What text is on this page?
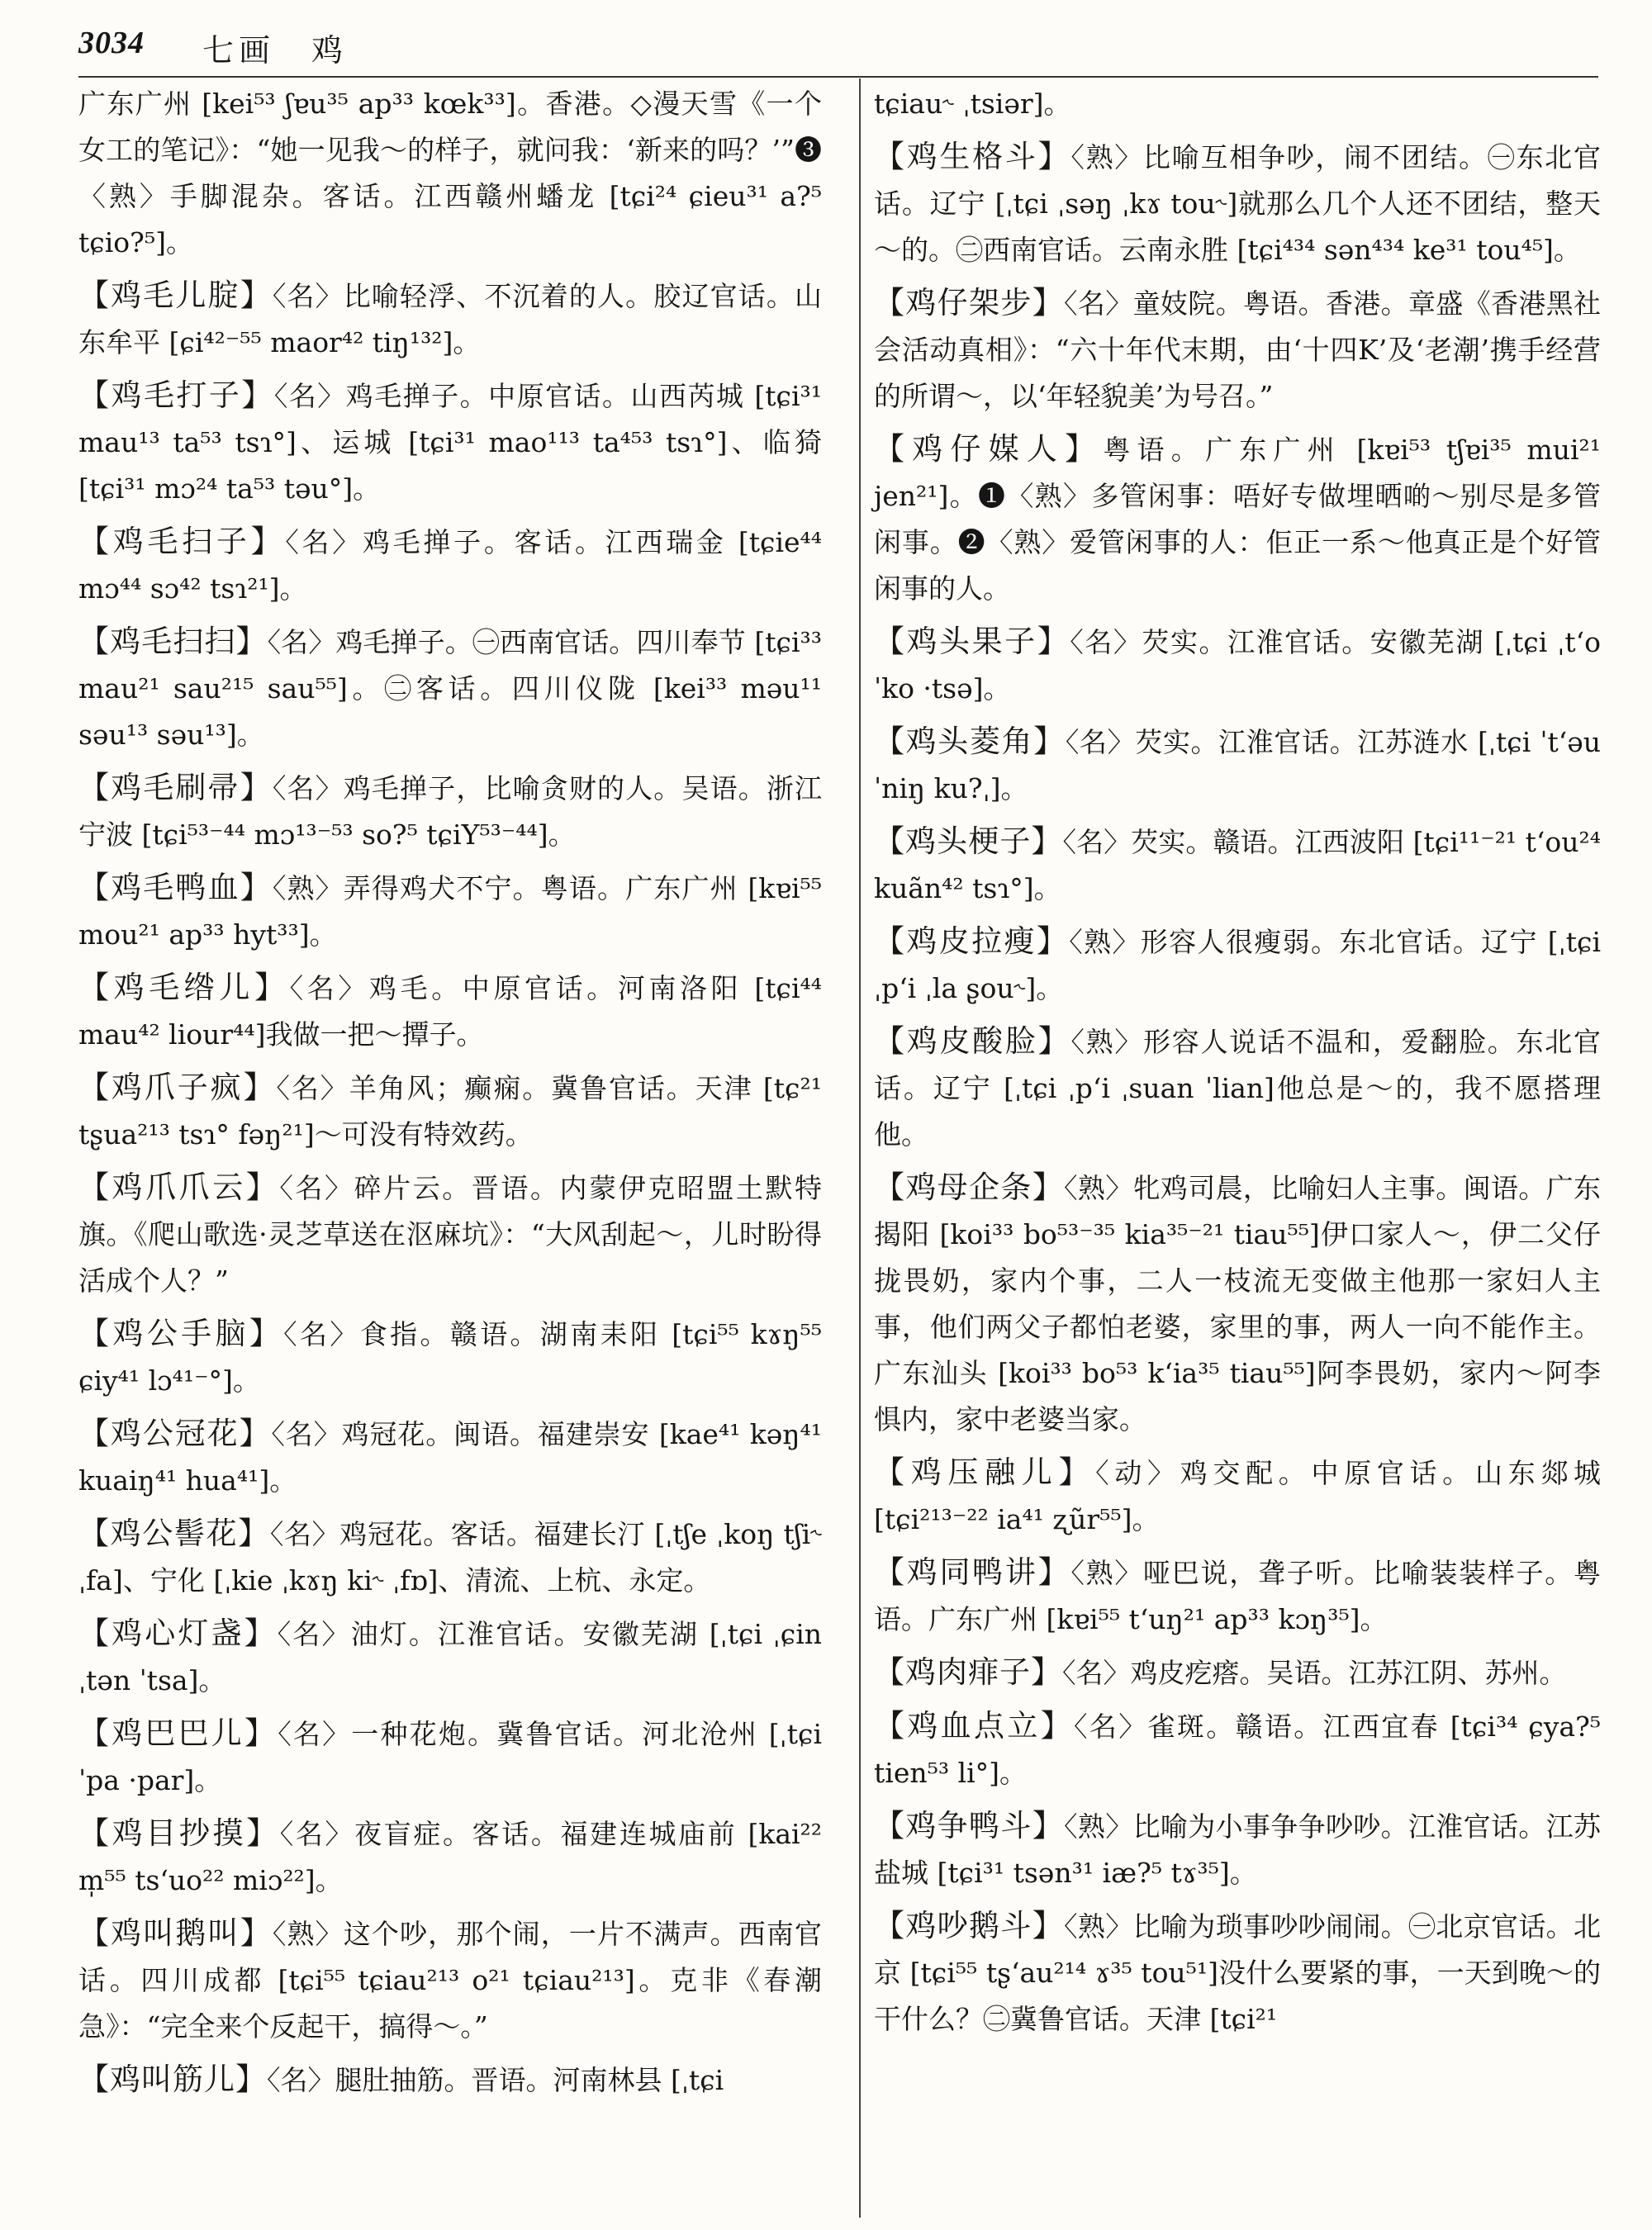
3034 七画　鸡
广东广州 [kei⁵³ ʃɐu³⁵ ap³³ kœk³³]。香港。◇漫天雪《一个女工的笔记》：“她一见我～的样子，就问我：‘新来的吗？’”❸〈熟〉手脚混杂。客话。江西赣州蟠龙 [tɕi²⁴ ɕieu³¹ a?⁵ tɕio?⁵]。
【鸡毛儿腚】〈名〉比喻轻浮、不沉着的人。胶辽官话。山东牟平 [ɕi⁴²⁻⁵⁵ maor⁴² tiŋ¹³²]。
【鸡毛打子】〈名〉鸡毛掸子。中原官话。山西芮城 [tɕi³¹ mau¹³ ta⁵³ tsɿ°]、运城 [tɕi³¹ mao¹¹³ ta⁴⁵³ tsɿ°]、临猗 [tɕi³¹ mɔ²⁴ ta⁵³ təu°]。
【鸡毛扫子】〈名〉鸡毛掸子。客话。江西瑞金 [tɕie⁴⁴ mɔ⁴⁴ sɔ⁴² tsɿ²¹]。
【鸡毛扫扫】〈名〉鸡毛掸子。㊀西南官话。四川奉节 [tɕi³³ mau²¹ sau²¹⁵ sau⁵⁵]。㊁客话。四川仪陇 [kei³³ məu¹¹ səu¹³ səu¹³]。
【鸡毛刷帚】〈名〉鸡毛掸子，比喻贪财的人。吴语。浙江宁波 [tɕi⁵³⁻⁴⁴ mɔ¹³⁻⁵³ so?⁵ tɕiY⁵³⁻⁴⁴]。
【鸡毛鸭血】〈熟〉弄得鸡犬不宁。粤语。广东广州 [kɐi⁵⁵ mou²¹ ap³³ hyt³³]。
【鸡毛绺儿】〈名〉鸡毛。中原官话。河南洛阳 [tɕi⁴⁴ mau⁴² liour⁴⁴]我做一把～撢子。
【鸡爪子疯】〈名〉羊角风；癫痫。冀鲁官话。天津 [tɕ²¹ tʂua²¹³ tsɿ° fəŋ²¹]～可没有特效药。
【鸡爪爪云】〈名〉碎片云。晋语。内蒙伊克昭盟土默特旗。《爬山歌选·灵芝草送在沤麻坑》：“大风刮起～，儿时盼得活成个人？”
【鸡公手脑】〈名〉食指。赣语。湖南耒阳 [tɕi⁵⁵ kɤŋ⁵⁵ ɕiy⁴¹ lɔ⁴¹⁻°]。
【鸡公冠花】〈名〉鸡冠花。闽语。福建崇安 [kae⁴¹ kəŋ⁴¹ kuaiŋ⁴¹ hua⁴¹]。
【鸡公髻花】〈名〉鸡冠花。客话。福建长汀 [ˌtʃe ˌkoŋ tʃi˞ ˌfa]、宁化 [ˌkie ˌkɤŋ ki˞ ˌfɒ]、清流、上杭、永定。
【鸡心灯盏】〈名〉油灯。江淮官话。安徽芜湖 [ˌtɕi ˌɕin ˌtən ˈtsa]。
【鸡巴巴儿】〈名〉一种花炮。冀鲁官话。河北沧州 [ˌtɕi ˈpa ·par]。
【鸡目抄摸】〈名〉夜盲症。客话。福建连城庙前 [kai²² m̩⁵⁵ tsʻuo²² miɔ²²]。
【鸡叫鹅叫】〈熟〉这个吵，那个闹，一片不满声。西南官话。四川成都 [tɕi⁵⁵ tɕiau²¹³ o²¹ tɕiau²¹³]。克非《春潮急》：“完全来个反起干，搞得～。”
【鸡叫筋儿】〈名〉腿肚抽筋。晋语。河南林县 [ˌtɕi
tɕiau˞ ˌtsiər]。
【鸡生格斗】〈熟〉比喻互相争吵，闹不团结。㊀东北官话。辽宁 [ˌtɕi ˌsəŋ ˌkɤ tou˞]就那么几个人还不团结，整天～的。㊁西南官话。云南永胜 [tɕi⁴³⁴ sən⁴³⁴ ke³¹ tou⁴⁵]。
【鸡仔架步】〈名〉童妓院。粤语。香港。章盛《香港黑社会活动真相》：“六十年代末期，由‘十四K’及‘老潮’携手经营的所谓～，以‘年轻貌美’为号召。”
【鸡仔媒人】粤语。广东广州 [kɐi⁵³ tʃɐi³⁵ mui²¹ jen²¹]。❶〈熟〉多管闲事：唔好专做埋晒啲～别尽是多管闲事。❷〈熟〉爱管闲事的人：佢正一系～他真正是个好管闲事的人。
【鸡头果子】〈名〉芡实。江淮官话。安徽芜湖 [ˌtɕi ˌtʻo ˈko ·tsə]。
【鸡头菱角】〈名〉芡实。江淮官话。江苏涟水 [ˌtɕi ˈtʻəu ˈniŋ ku?ˌ]。
【鸡头梗子】〈名〉芡实。赣语。江西波阳 [tɕi¹¹⁻²¹ tʻou²⁴ kuãn⁴² tsɿ°]。
【鸡皮拉瘦】〈熟〉形容人很瘦弱。东北官话。辽宁 [ˌtɕi ˌpʻi ˌla ʂou˞]。
【鸡皮酸脸】〈熟〉形容人说话不温和，爱翻脸。东北官话。辽宁 [ˌtɕi ˌpʻi ˌsuan ˈlian]他总是～的，我不愿搭理他。
【鸡母企条】〈熟〉牝鸡司晨，比喻妇人主事。闽语。广东揭阳 [koi³³ bo⁵³⁻³⁵ kia³⁵⁻²¹ tiau⁵⁵]伊口家人～，伊二父仔拢畏奶，家内个事，二人一枝流无变做主他那一家妇人主事，他们两父子都怕老婆，家里的事，两人一向不能作主。广东汕头 [koi³³ bo⁵³ kʻia³⁵ tiau⁵⁵]阿李畏奶，家内～阿李惧内，家中老婆当家。
【鸡压融儿】〈动〉鸡交配。中原官话。山东郯城 [tɕi²¹³⁻²² ia⁴¹ ʐũr⁵⁵]。
【鸡同鸭讲】〈熟〉哑巴说，聋子听。比喻装装样子。粤语。广东广州 [kɐi⁵⁵ tʻuŋ²¹ ap³³ kɔŋ³⁵]。
【鸡肉痱子】〈名〉鸡皮疙瘩。吴语。江苏江阴、苏州。
【鸡血点立】〈名〉雀斑。赣语。江西宜春 [tɕi³⁴ ɕya?⁵ tien⁵³ li°]。
【鸡争鸭斗】〈熟〉比喻为小事争争吵吵。江淮官话。江苏盐城 [tɕi³¹ tsən³¹ iæ?⁵ tɤ³⁵]。
【鸡吵鹅斗】〈熟〉比喻为琐事吵吵闹闹。㊀北京官话。北京 [tɕi⁵⁵ tʂʻau²¹⁴ ɤ³⁵ tou⁵¹]没什么要紧的事，一天到晚～的干什么？㊁冀鲁官话。天津 [tɕi²¹
